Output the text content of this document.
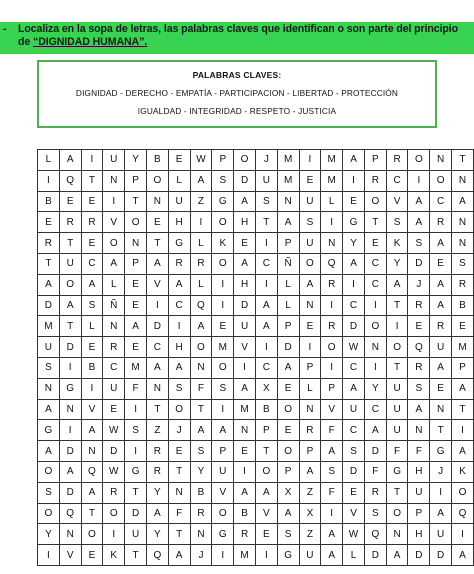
- Localiza en la sopa de letras, las palabras claves que identifican o son parte del principio de “DIGNIDAD HUMANA”.
PALABRAS CLAVES:
DIGNIDAD - DERECHO - EMPATÍA - PARTICIPACION - LIBERTAD - PROTECCIÓN
IGUALDAD - INTEGRIDAD - RESPETO - JUSTICIA
L	A	I	U	Y	B	E	W	P	O	J	M	I	M	A	P	R	O	N	T
I	Q	T	N	P	O	L	A	S	D	U	M	E	M	I	R	C	I	O	N
B	E	E	I	T	N	U	Z	G	A	S	N	U	L	E	O	V	A	C	A
E	R	R	V	O	E	H	I	O	H	T	A	S	I	G	T	S	A	R	N
R	T	E	O	N	T	G	L	K	E	I	P	U	N	Y	E	K	S	A	N
T	U	C	A	P	A	R	R	O	A	C	Ñ	O	Q	A	C	Y	D	E	S
A	O	A	L	E	V	A	L	I	H	I	L	A	R	I	C	A	J	A	R
D	A	S	Ñ	E	I	C	Q	I	D	A	L	N	I	C	I	T	R	A	B
M	T	L	N	A	D	I	A	E	U	A	P	E	R	D	O	I	E	R	E
U	D	E	R	E	C	H	O	M	V	I	D	I	O	W	N	O	Q	U	M
S	I	B	C	M	A	A	N	O	I	C	A	P	I	C	I	T	R	A	P
N	G	I	U	F	N	S	F	S	A	X	E	L	P	A	Y	U	S	E	A
A	N	V	E	I	T	O	T	I	M	B	O	N	V	U	C	U	A	N	T
G	I	A	W	S	Z	J	A	A	N	P	E	R	F	C	A	U	N	T	I
A	D	N	D	I	R	E	S	P	E	T	O	P	A	S	D	F	F	G	A
O	A	Q	W	G	R	T	Y	U	I	O	P	A	S	D	F	G	H	J	K
S	D	A	R	T	Y	N	B	V	A	A	X	Z	F	E	R	T	U	I	O
O	Q	T	O	D	A	F	R	O	B	V	A	X	I	V	S	O	P	A	Q
Y	N	O	I	U	Y	T	N	G	R	E	S	Z	A	W	Q	N	H	U	I
I	V	E	K	T	Q	A	J	I	M	I	G	U	A	L	D	A	D	D	A
